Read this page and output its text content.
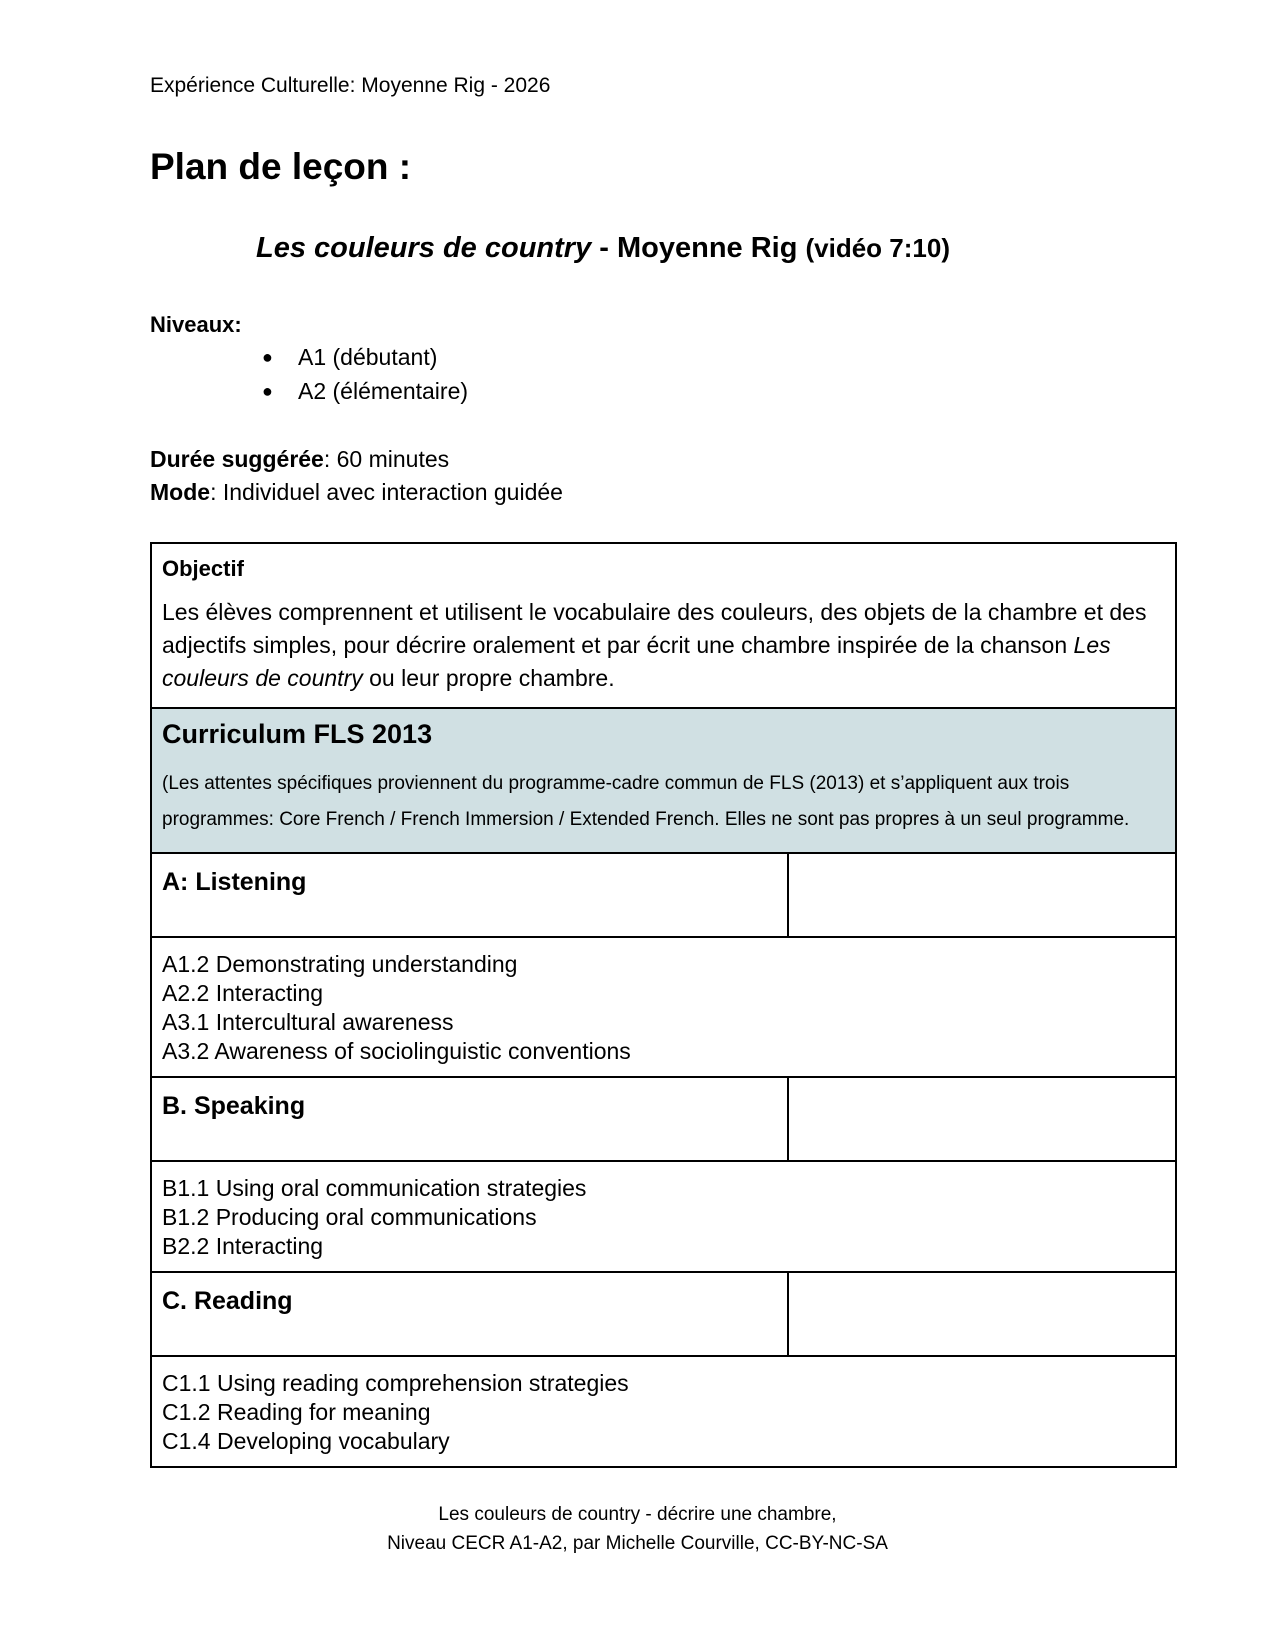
Expérience Culturelle: Moyenne Rig - 2026
Plan de leçon :
Les couleurs de country - Moyenne Rig (vidéo 7:10)
Niveaux:
● A1 (débutant)
● A2 (élémentaire)
Durée suggérée: 60 minutes
Mode: Individuel avec interaction guidée
Objectif
Les élèves comprennent et utilisent le vocabulaire des couleurs, des objets de la chambre et des adjectifs simples, pour décrire oralement et par écrit une chambre inspirée de la chanson Les couleurs de country ou leur propre chambre.	

Curriculum FLS 2013
(Les attentes spécifiques proviennent du programme-cadre commun de FLS (2013) et s’appliquent aux trois programmes: Core French / French Immersion / Extended French. Elles ne sont pas propres à un seul programme.	

A: Listening	

A1.2 Demonstrating understanding
A2.2 Interacting
A3.1 Intercultural awareness
A3.2 Awareness of sociolinguistic conventions	

B. Speaking	

B1.1 Using oral communication strategies
B1.2 Producing oral communications
B2.2 Interacting	

C. Reading	

C1.1 Using reading comprehension strategies
C1.2 Reading for meaning
C1.4 Developing vocabulary	
Les couleurs de country - décrire une chambre,
Niveau CECR A1-A2, par Michelle Courville, CC-BY-NC-SA
